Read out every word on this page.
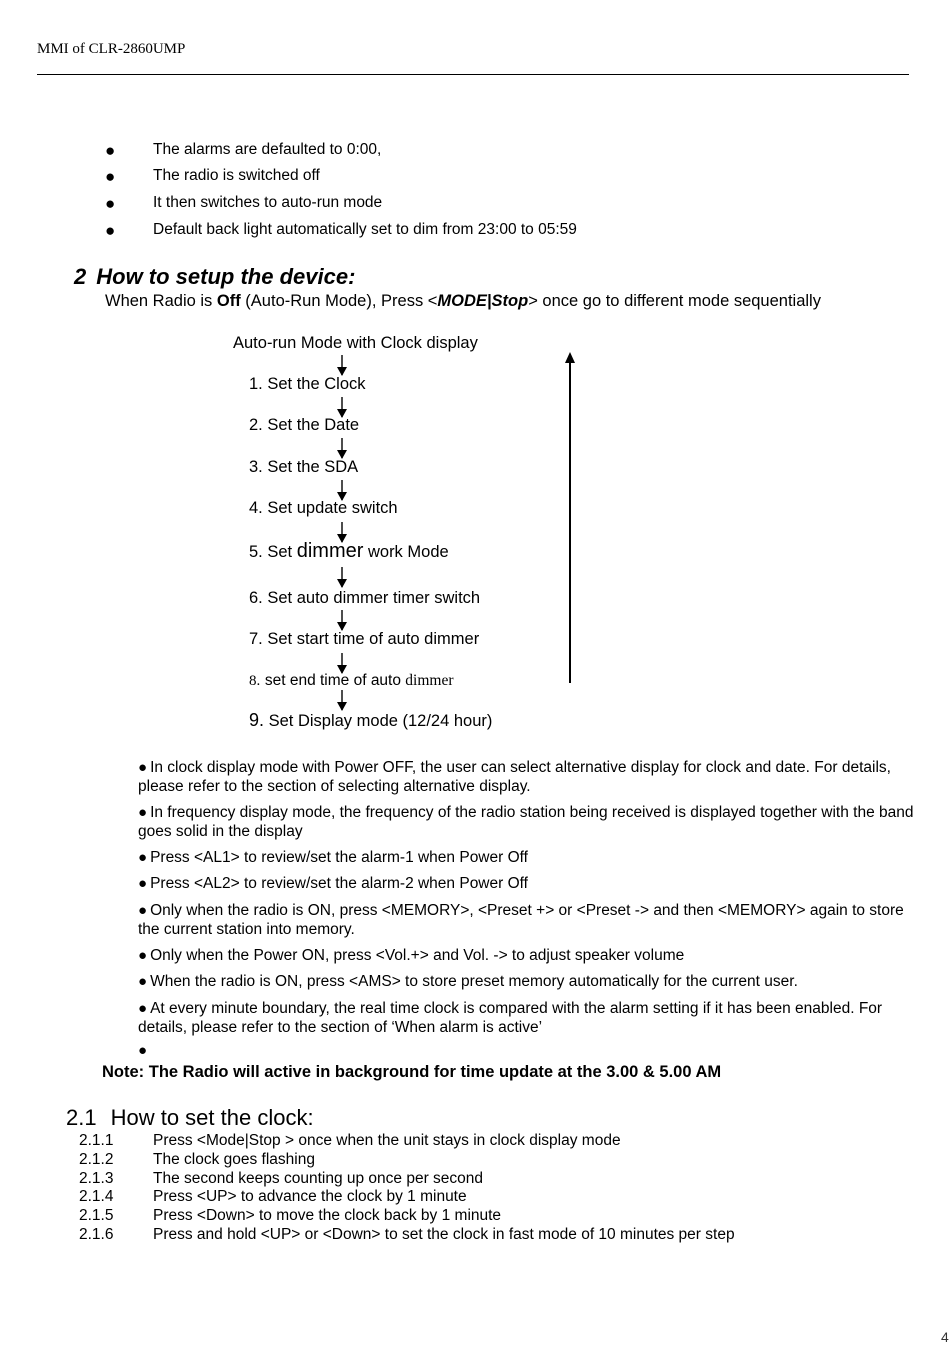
MMI of CLR-2860UMP
● The alarms are defaulted to 0:00,
● The radio is switched off
● It then switches to auto-run mode
● Default back light automatically set to dim from 23:00 to 05:59
2 How to setup the device:
When Radio is Off (Auto-Run Mode), Press <MODE|Stop> once go to different mode sequentially
Auto-run Mode with Clock display
1. Set the Clock
2. Set the Date
3. Set the SDA
4. Set update switch
5. Set dimmer work Mode
6. Set auto dimmer timer switch
7. Set start time of auto dimmer
8. set end time of auto dimmer
9. Set Display mode (12/24 hour)
● In clock display mode with Power OFF, the user can select alternative display for clock and date. For details, please refer to the section of selecting alternative display.
● In frequency display mode, the frequency of the radio station being received is displayed together with the band goes solid in the display
● Press <AL1> to review/set the alarm-1 when Power Off
● Press <AL2> to review/set the alarm-2 when Power Off
● Only when the radio is ON, press <MEMORY>, <Preset +> or <Preset -> and then <MEMORY> again to store the current station into memory.
● Only when the Power ON, press <Vol.+> and Vol. -> to adjust speaker volume
● When the radio is ON, press <AMS> to store preset memory automatically for the current user.
● At every minute boundary, the real time clock is compared with the alarm setting if it has been enabled. For details, please refer to the section of ‘When alarm is active’
●
Note: The Radio will active in background for time update at the 3.00 & 5.00 AM
2.1 How to set the clock:
2.1.1	Press <Mode|Stop > once when the unit stays in clock display mode
2.1.2	The clock goes flashing
2.1.3	The second keeps counting up once per second
2.1.4	Press <UP> to advance the clock by 1 minute
2.1.5	Press <Down> to move the clock back by 1 minute
2.1.6	Press and hold <UP> or <Down> to set the clock in fast mode of 10 minutes per step
4
